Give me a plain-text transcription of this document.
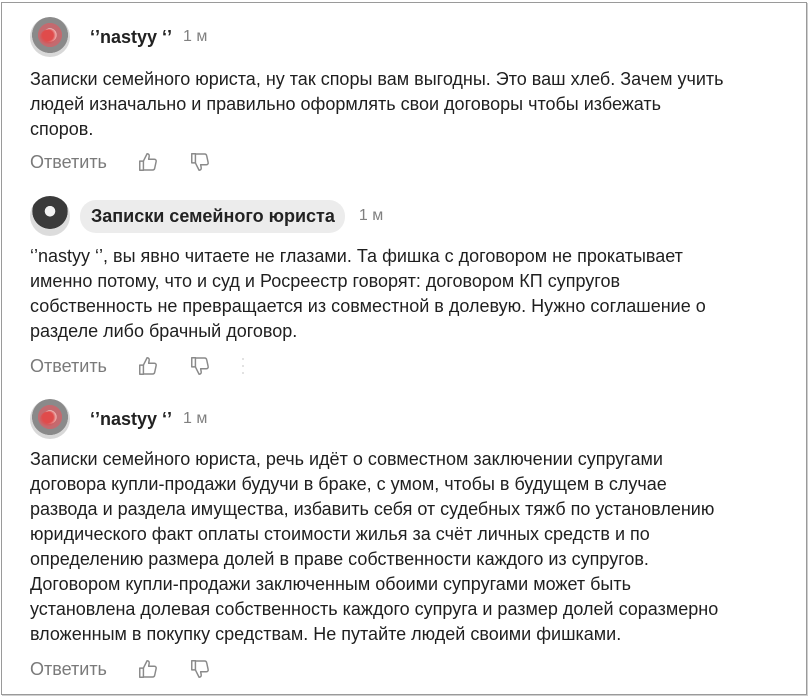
‘’nastyy ‘’ 1 м

Записки семейного юриста, ну так споры вам выгодны. Это ваш хлеб. Зачем учить

людей изначально и правильно оформлять свои договоры чтобы избежать

споров.

Ответить
Записки семейного юриста	1 м

‘’nastyy ‘’, вы явно читаете не глазами. Та фишка с договором не прокатывает

именно потому, что и суд и Росреестр говорят: договором КП супругов

собственность не превращается из совместной в долевую. Нужно соглашение о

разделе либо брачный договор.

Ответить
‘’nastyy ‘’ 1 м

Записки семейного юриста, речь идёт о совместном заключении супругами

договора купли-продажи будучи в браке, с умом, чтобы в будущем в случае

развода и раздела имущества, избавить себя от судебных тяжб по установлению

юридического факт оплаты стоимости жилья за счёт личных средств и по

определению размера долей в праве собственности каждого из супругов.

Договором купли-продажи заключенным обоими супругами может быть

установлена долевая собственность каждого супруга и размер долей соразмерно

вложенным в покупку средствам. Не путайте людей своими фишками.

Ответить
